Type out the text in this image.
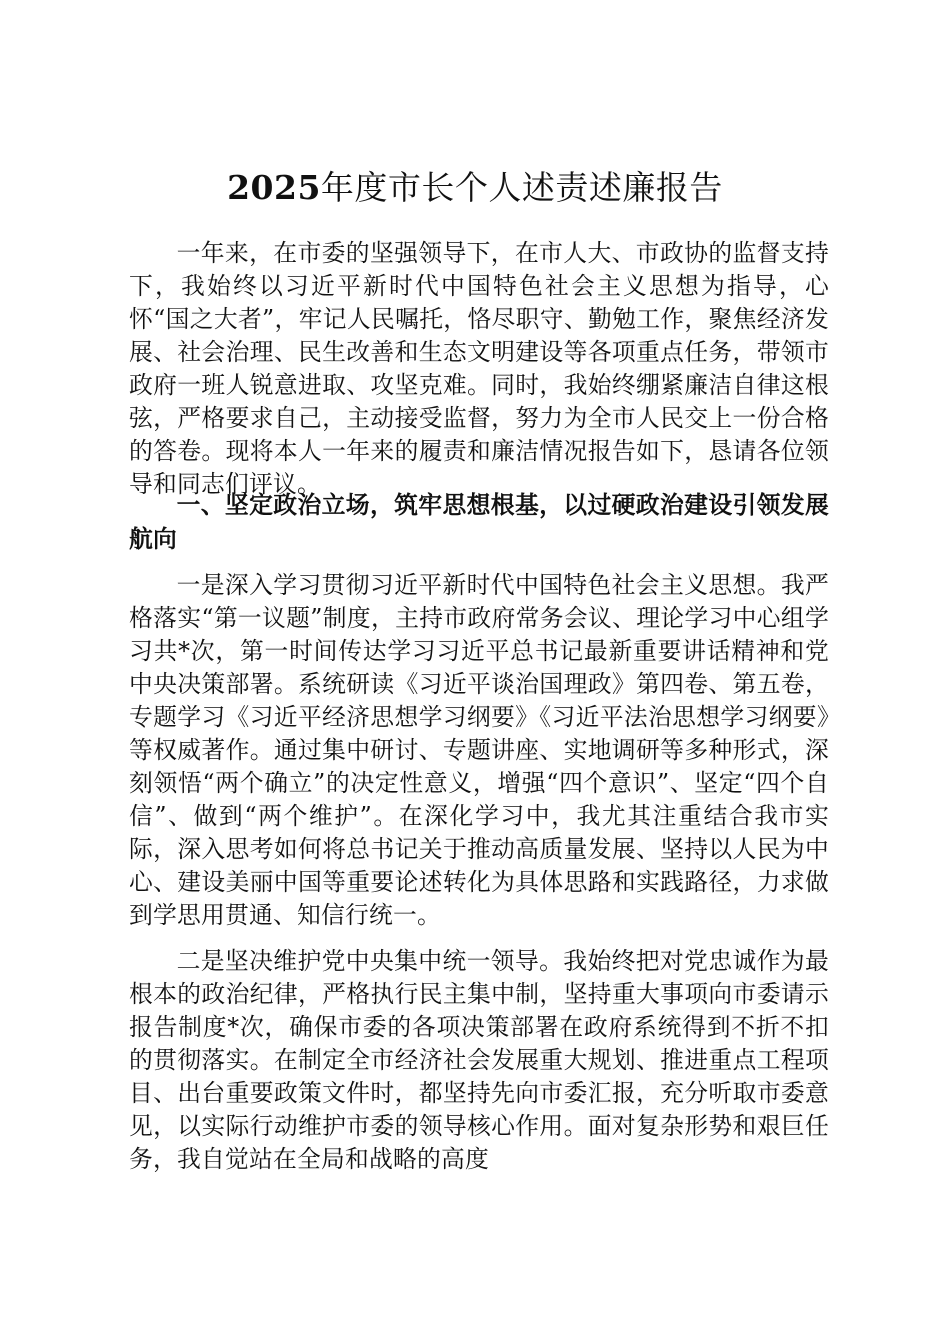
2025年度市长个人述责述廉报告

一年来，在市委的坚强领导下，在市人大、市政协的监督支持下，我始终以习近平新时代中国特色社会主义思想为指导，心怀“国之大者”，牢记人民嘱托，恪尽职守、勤勉工作，聚焦经济发展、社会治理、民生改善和生态文明建设等各项重点任务，带领市政府一班人锐意进取、攻坚克难。同时，我始终绷紧廉洁自律这根弦，严格要求自己，主动接受监督，努力为全市人民交上一份合格的答卷。现将本人一年来的履责和廉洁情况报告如下，恳请各位领导和同志们评议。

一、坚定政治立场，筑牢思想根基，以过硬政治建设引领发展航向

一是深入学习贯彻习近平新时代中国特色社会主义思想。我严格落实“第一议题”制度，主持市政府常务会议、理论学习中心组学习共*次，第一时间传达学习习近平总书记最新重要讲话精神和党中央决策部署。系统研读《习近平谈治国理政》第四卷、第五卷，专题学习《习近平经济思想学习纲要》《习近平法治思想学习纲要》等权威著作。通过集中研讨、专题讲座、实地调研等多种形式，深刻领悟“两个确立”的决定性意义，增强“四个意识”、坚定“四个自信”、做到“两个维护”。在深化学习中，我尤其注重结合我市实际，深入思考如何将总书记关于推动高质量发展、坚持以人民为中心、建设美丽中国等重要论述转化为具体思路和实践路径，力求做到学思用贯通、知信行统一。

二是坚决维护党中央集中统一领导。我始终把对党忠诚作为最根本的政治纪律，严格执行民主集中制，坚持重大事项向市委请示报告制度*次，确保市委的各项决策部署在政府系统得到不折不扣的贯彻落实。在制定全市经济社会发展重大规划、推进重点工程项目、出台重要政策文件时，都坚持先向市委汇报，充分听取市委意见，以实际行动维护市委的领导核心作用。面对复杂形势和艰巨任务，我自觉站在全局和战略的高度
